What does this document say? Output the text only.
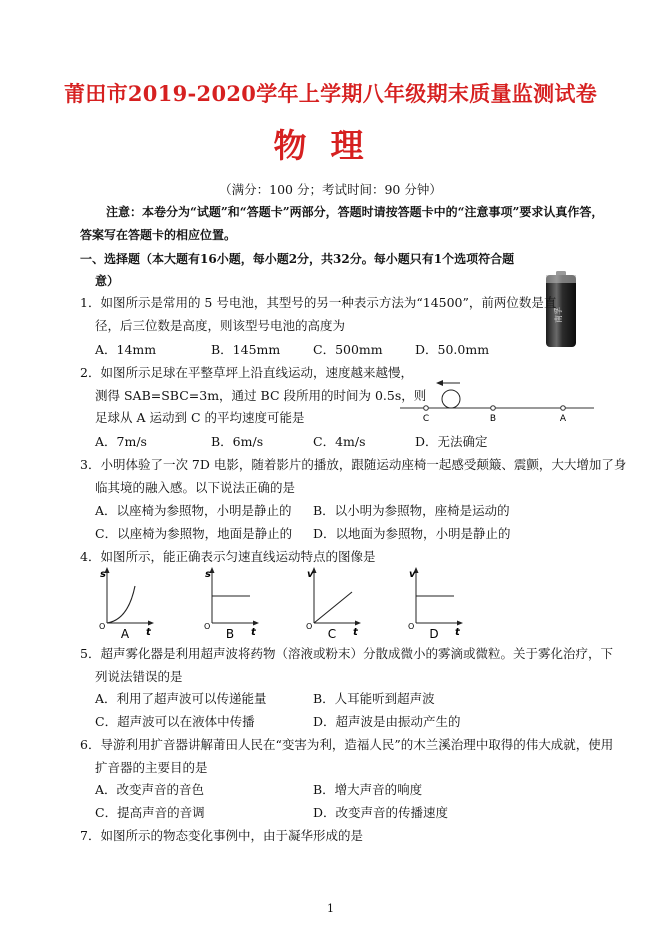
莆田市2019-2020学年上学期八年级期末质量监测试卷
物理
（满分：100 分；考试时间：90 分钟）
注意：本卷分为“试题”和“答题卡”两部分，答题时请按答题卡中的“注意事项”要求认真作答，
答案写在答题卡的相应位置。
一、选择题（本大题有16小题，每小题2分，共32分。每小题只有1个选项符合题
意）
南孚
1．如图所示是常用的 5 号电池，其型号的另一种表示方法为“14500”，前两位数是直
径，后三位数是高度，则该型号电池的高度为
A．14mm	B．145mm	C．500mm	D．50.0mm
2．如图所示足球在平整草坪上沿直线运动，速度越来越慢，
测得 SAB=SBC=3m，通过 BC 段所用的时间为 0.5s，则
足球从 A 运动到 C 的平均速度可能是
A．7m/s	B．6m/s	C．4m/s	D．无法确定
C	B	A
3．小明体验了一次 7D 电影，随着影片的播放，跟随运动座椅一起感受颠簸、震颤，大大增加了身
临其境的融入感。以下说法正确的是
A．以座椅为参照物，小明是静止的 B．以小明为参照物，座椅是运动的
C．以座椅为参照物，地面是静止的 D．以地面为参照物，小明是静止的
4．如图所示，能正确表示匀速直线运动特点的图像是
s
t
O
A
s
t
O
B
v
t
O
C
v
t
O
D
5．超声雾化器是利用超声波将药物（溶液或粉末）分散成微小的雾滴或微粒。关于雾化治疗，下
列说法错误的是
A．利用了超声波可以传递能量	B．人耳能听到超声波
C．超声波可以在液体中传播	D．超声波是由振动产生的
6．导游利用扩音器讲解莆田人民在“变害为利，造福人民”的木兰溪治理中取得的伟大成就，使用
扩音器的主要目的是
A．改变声音的音色	B．增大声音的响度
C．提高声音的音调	D．改变声音的传播速度
7．如图所示的物态变化事例中，由于凝华形成的是
1
